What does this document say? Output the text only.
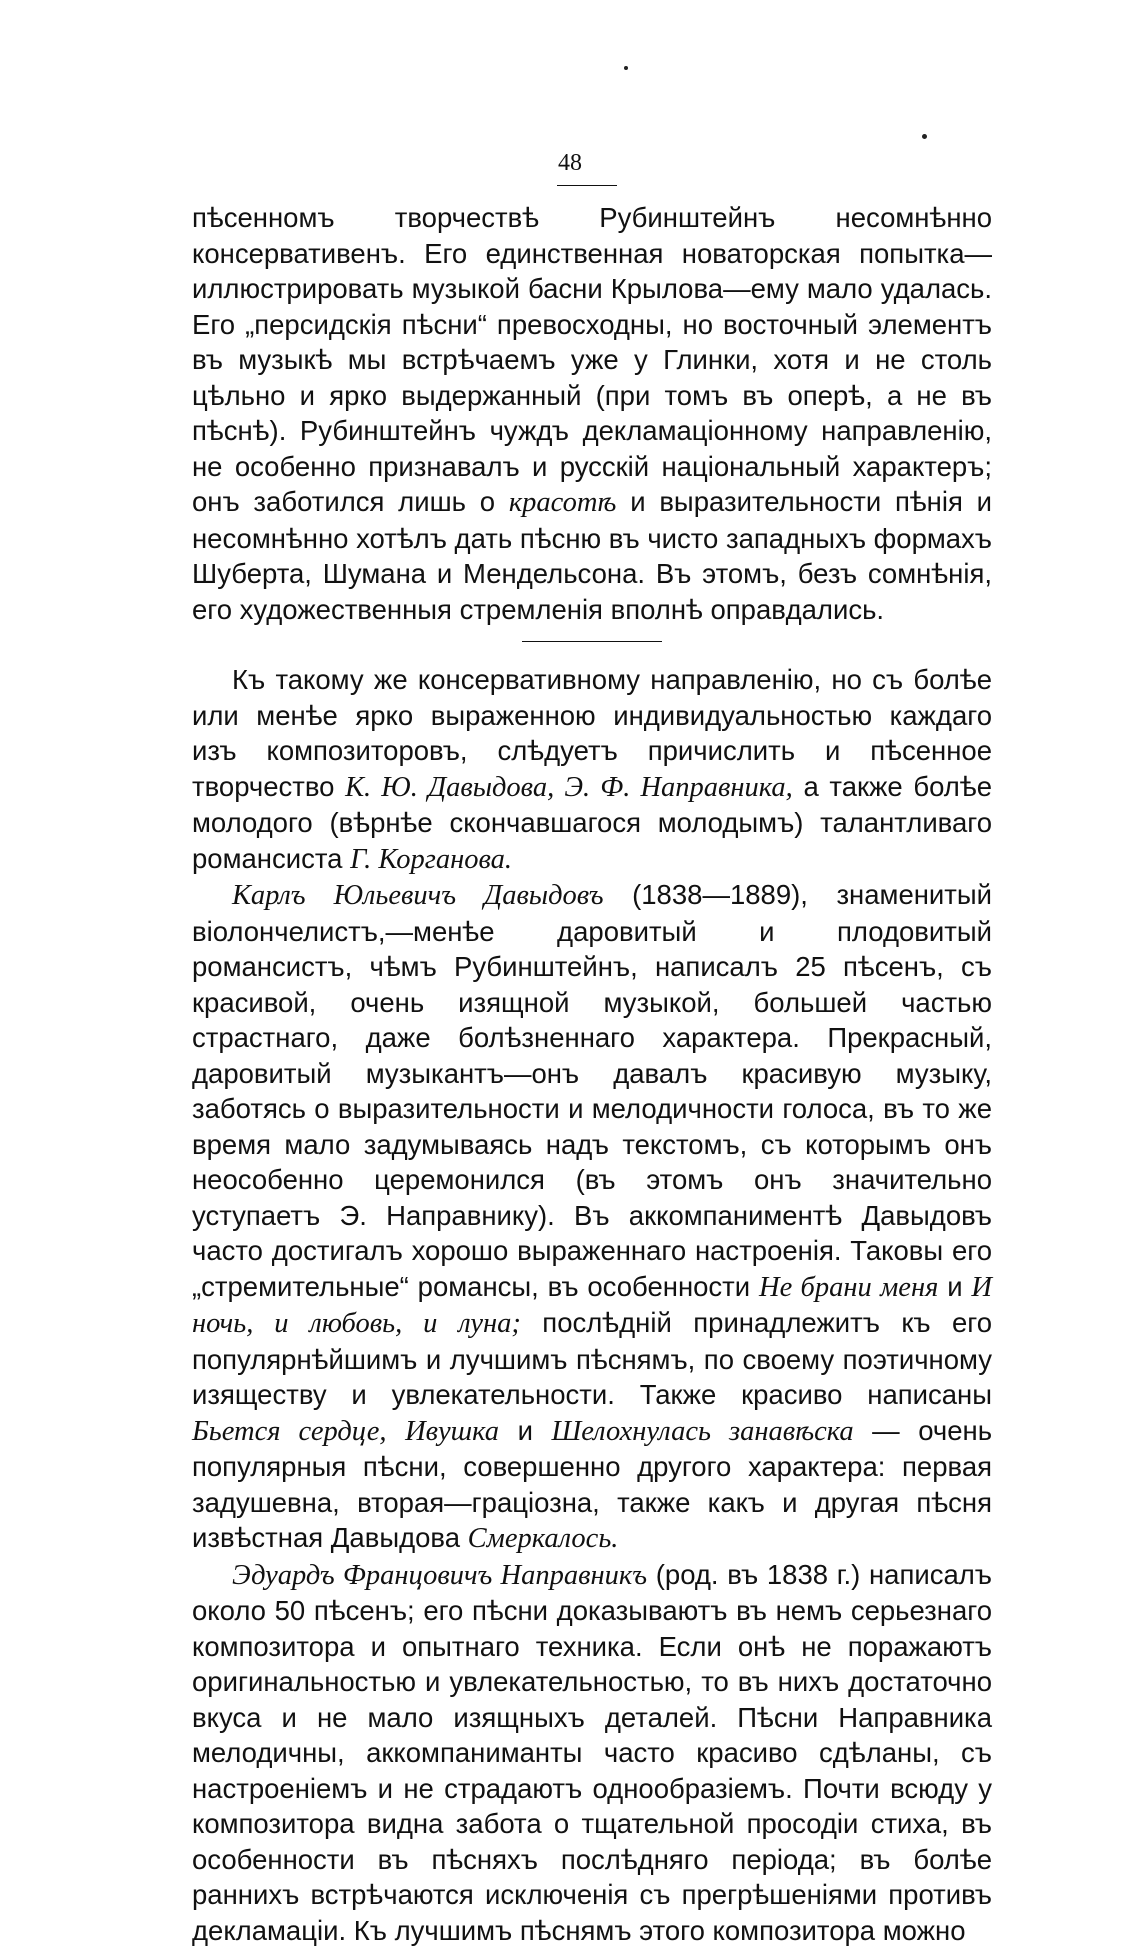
48

пѣсенномъ творчествѣ Рубинштейнъ несомнѣнно консервативенъ. Его единственная новаторская попытка—иллюстрировать музыкой басни Крылова—ему мало удалась. Его „персидскія пѣсни“ превосходны, но восточный элементъ въ музыкѣ мы встрѣчаемъ уже у Глинки, хотя и не столь цѣльно и ярко выдержанный (при томъ въ оперѣ, а не въ пѣснѣ). Рубинштейнъ чуждъ декламаціонному направленію, не особенно признавалъ и русскій національный характеръ; онъ заботился лишь о красотѣ и выразительности пѣнія и несомнѣнно хотѣлъ дать пѣсню въ чисто западныхъ формахъ Шуберта, Шумана и Мендельсона. Въ этомъ, безъ сомнѣнія, его художественныя стремленія вполнѣ оправдались.

Къ такому же консервативному направленію, но съ болѣе или менѣе ярко выраженною индивидуальностью каждаго изъ композиторовъ, слѣдуетъ причислить и пѣсенное творчество К. Ю. Давыдова, Э. Ф. Направника, а также болѣе молодого (вѣрнѣе скончавшагося молодымъ) талантливаго романсиста Г. Корганова.

Карлъ Юльевичъ Давыдовъ (1838—1889), знаменитый віолончелистъ,—менѣе даровитый и плодовитый романсистъ, чѣмъ Рубинштейнъ, написалъ 25 пѣсенъ, съ красивой, очень изящной музыкой, большей частью страстнаго, даже болѣзненнаго характера. Прекрасный, даровитый музыкантъ—онъ давалъ красивую музыку, заботясь о выразительности и мелодичности голоса, въ то же время мало задумываясь надъ текстомъ, съ которымъ онъ неособенно церемонился (въ этомъ онъ значительно уступаетъ Э. Направнику). Въ аккомпаниментѣ Давыдовъ часто достигалъ хорошо выраженнаго настроенія. Таковы его „стремительные“ романсы, въ особенности Не брани меня и И ночь, и любовь, и луна; послѣдній принадлежитъ къ его популярнѣйшимъ и лучшимъ пѣснямъ, по своему поэтичному изяществу и увлекательности. Также красиво написаны Бьется сердце, Ивушка и Шелохнулась занавѣска — очень популярныя пѣсни, совершенно другого характера: первая задушевна, вторая—граціозна, также какъ и другая пѣсня извѣстная Давыдова Смеркалось.

Эдуардъ Францовичъ Направникъ (род. въ 1838 г.) написалъ около 50 пѣсенъ; его пѣсни доказываютъ въ немъ серьезнаго композитора и опытнаго техника. Если онѣ не поражаютъ оригинальностью и увлекательностью, то въ нихъ достаточно вкуса и не мало изящныхъ деталей. Пѣсни Направника мелодичны, аккомпаниманты часто красиво сдѣланы, съ настроеніемъ и не страдаютъ однообразіемъ. Почти всюду у композитора видна забота о тщательной просодіи стиха, въ особенности въ пѣсняхъ послѣдняго періода; въ болѣе раннихъ встрѣчаются исключенія съ прегрѣшеніями противъ декламаціи. Къ лучшимъ пѣснямъ этого композитора можно
